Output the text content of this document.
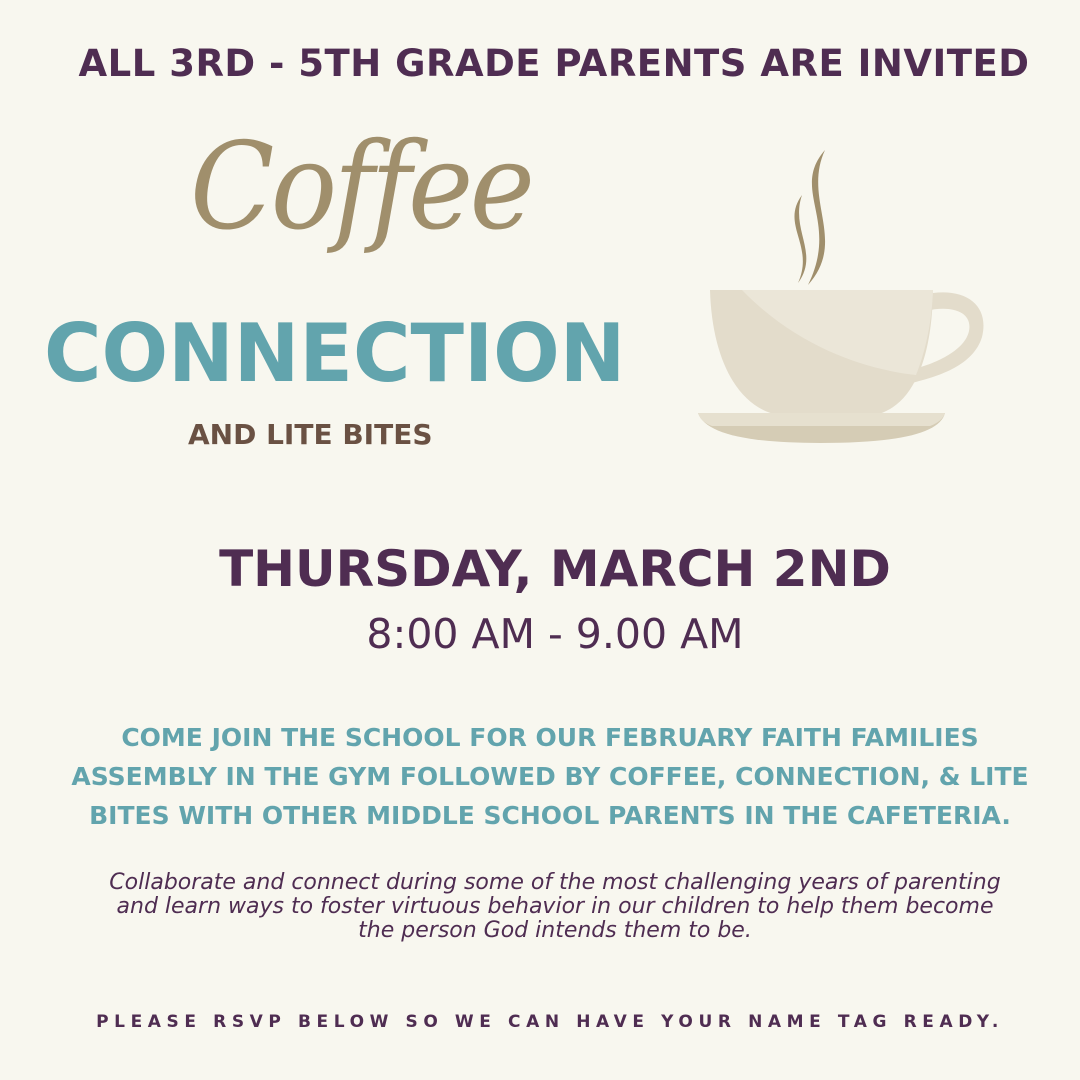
ALL 3RD - 5TH GRADE PARENTS ARE INVITED
Coffee
CONNECTION
AND LITE BITES
THURSDAY, MARCH 2ND
8:00 AM - 9.00 AM
COME JOIN THE SCHOOL FOR OUR FEBRUARY FAITH FAMILIES
ASSEMBLY IN THE GYM FOLLOWED BY COFFEE, CONNECTION, & LITE
BITES WITH OTHER MIDDLE SCHOOL PARENTS IN THE CAFETERIA.
Collaborate and connect during some of the most challenging years of parenting
and learn ways to foster virtuous behavior in our children to help them become
the person God intends them to be.
PLEASE RSVP BELOW SO WE CAN HAVE YOUR NAME TAG READY.
